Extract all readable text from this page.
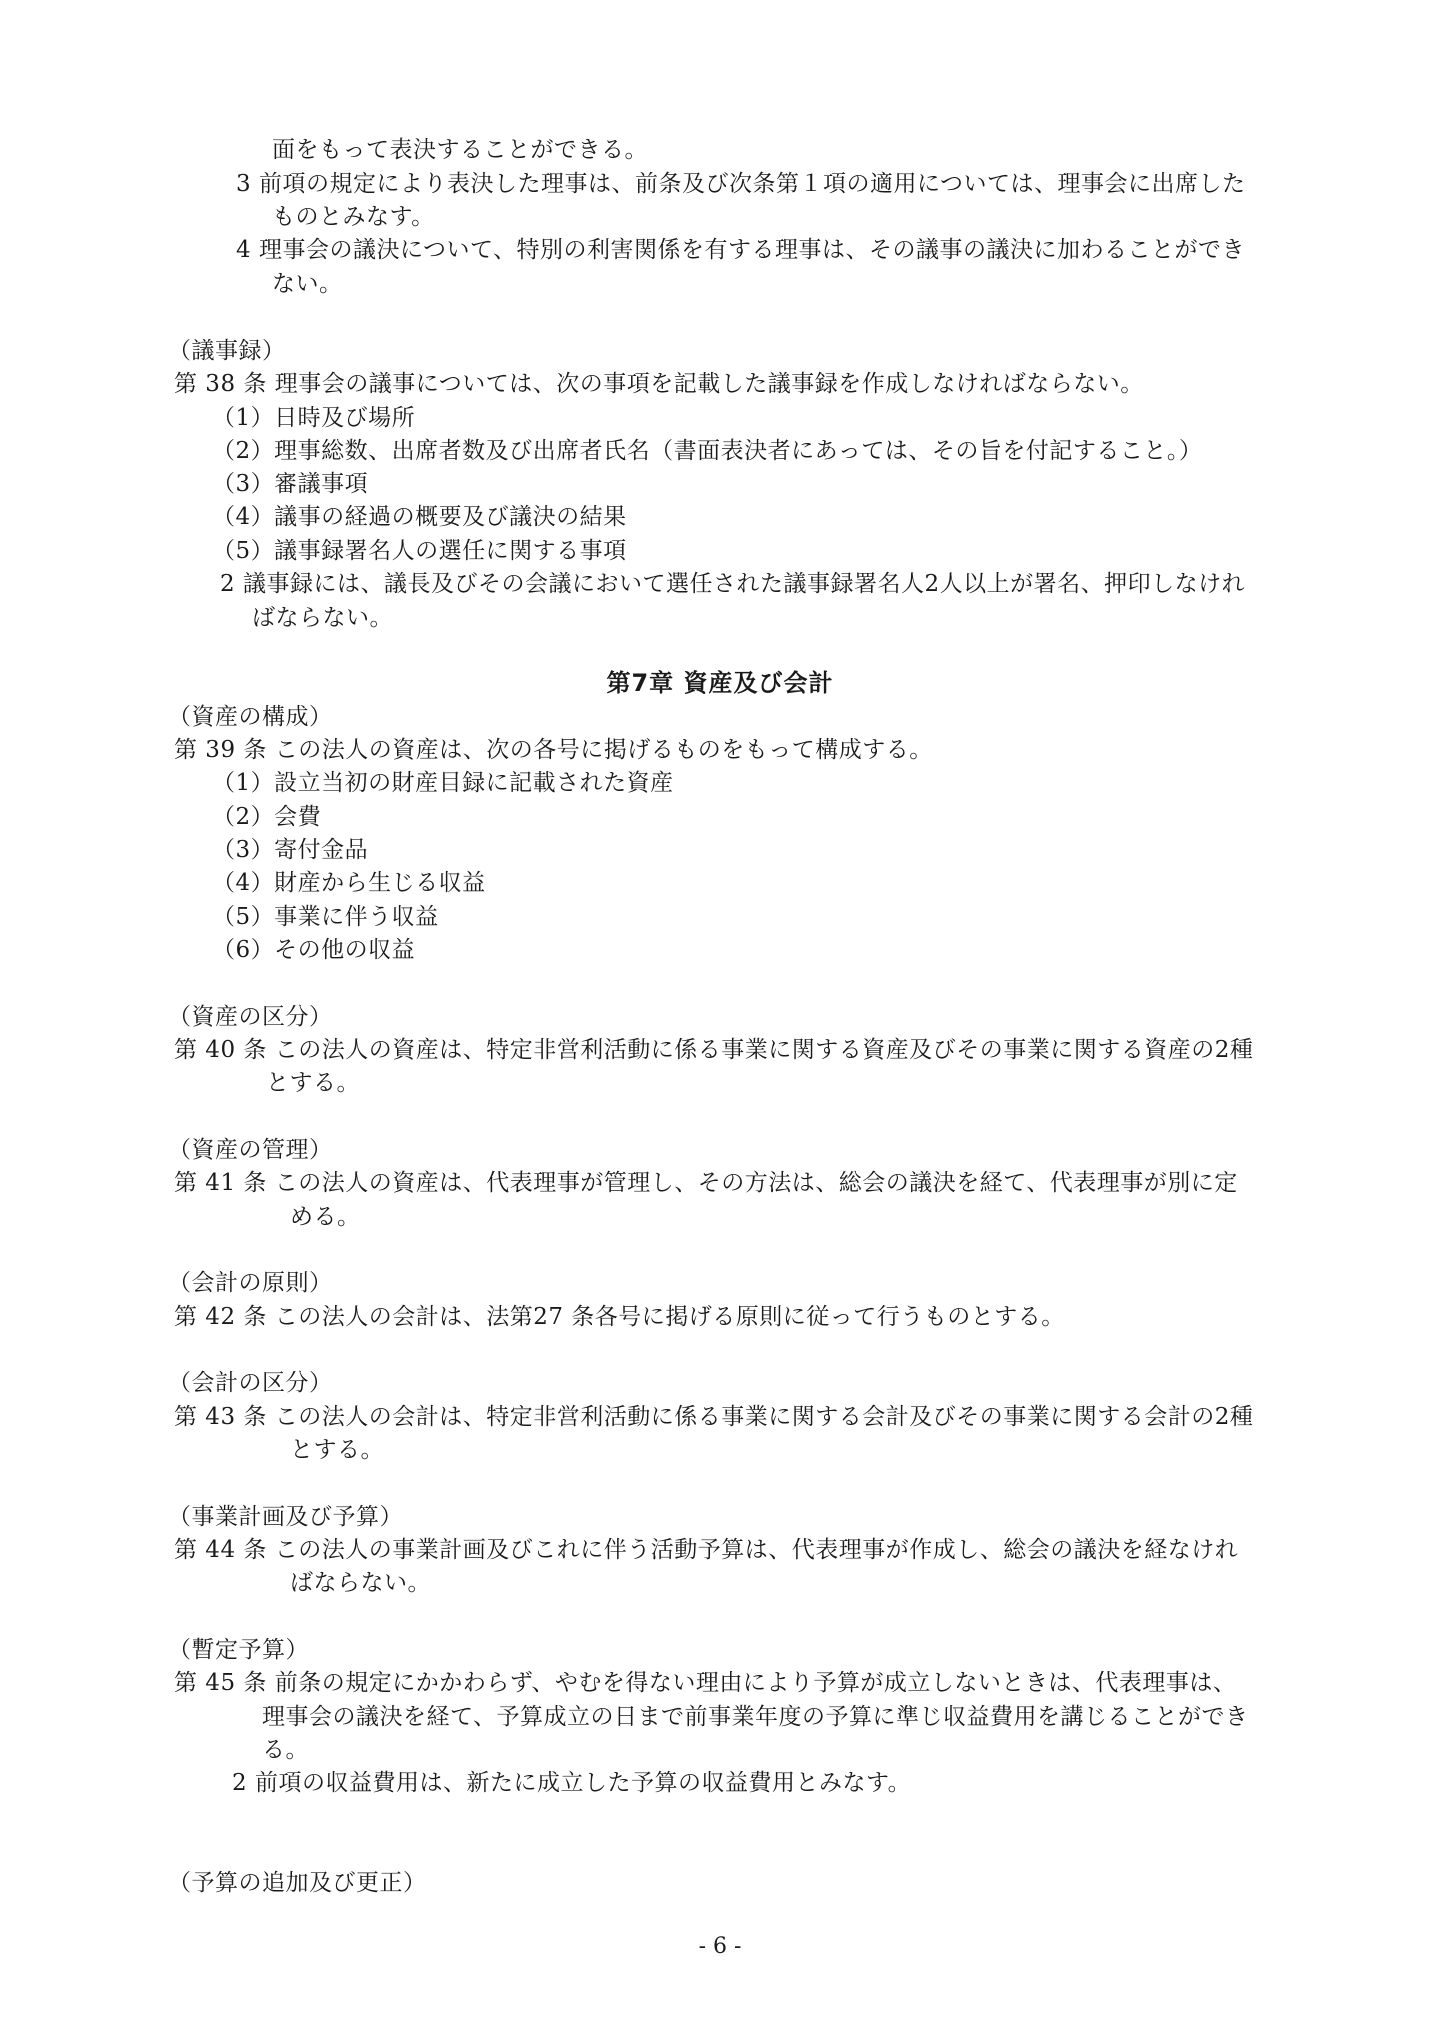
面をもって表決することができる。
3 前項の規定により表決した理事は、前条及び次条第１項の適用については、理事会に出席した
ものとみなす。
4 理事会の議決について、特別の利害関係を有する理事は、その議事の議決に加わることができ
ない。
（議事録）
第 38 条 理事会の議事については、次の事項を記載した議事録を作成しなければならない。
（1）日時及び場所
（2）理事総数、出席者数及び出席者氏名（書面表決者にあっては、その旨を付記すること。）
（3）審議事項
（4）議事の経過の概要及び議決の結果
（5）議事録署名人の選任に関する事項
2 議事録には、議長及びその会議において選任された議事録署名人2人以上が署名、押印しなけれ
ばならない。
第7章 資産及び会計
（資産の構成）
第 39 条 この法人の資産は、次の各号に掲げるものをもって構成する。
（1）設立当初の財産目録に記載された資産
（2）会費
（3）寄付金品
（4）財産から生じる収益
（5）事業に伴う収益
（6）その他の収益
（資産の区分）
第 40 条 この法人の資産は、特定非営利活動に係る事業に関する資産及びその事業に関する資産の2種
とする。
（資産の管理）
第 41 条 この法人の資産は、代表理事が管理し、その方法は、総会の議決を経て、代表理事が別に定
める。
（会計の原則）
第 42 条 この法人の会計は、法第27 条各号に掲げる原則に従って行うものとする。
（会計の区分）
第 43 条 この法人の会計は、特定非営利活動に係る事業に関する会計及びその事業に関する会計の2種
とする。
（事業計画及び予算）
第 44 条 この法人の事業計画及びこれに伴う活動予算は、代表理事が作成し、総会の議決を経なけれ
ばならない。
（暫定予算）
第 45 条 前条の規定にかかわらず、やむを得ない理由により予算が成立しないときは、代表理事は、
理事会の議決を経て、予算成立の日まで前事業年度の予算に準じ収益費用を講じることができ
る。
2 前項の収益費用は、新たに成立した予算の収益費用とみなす。
（予算の追加及び更正）
- 6 -
